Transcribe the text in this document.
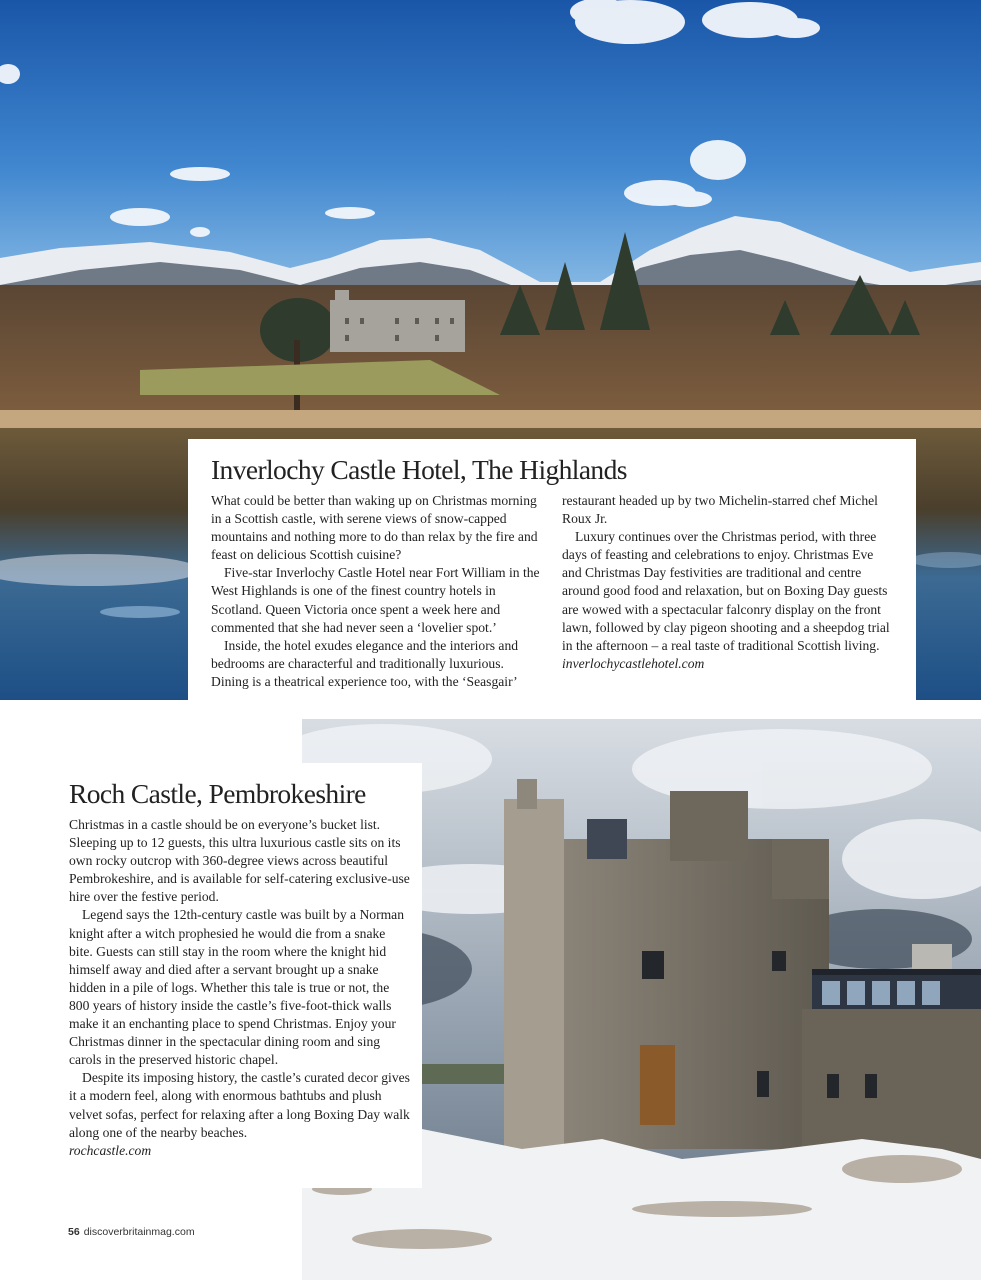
Inverlochy Castle Hotel, The Highlands

What could be better than waking up on Christmas morning in a Scottish castle, with serene views of snow-capped mountains and nothing more to do than relax by the fire and feast on delicious Scottish cuisine?

Five-star Inverlochy Castle Hotel near Fort William in the West Highlands is one of the finest country hotels in Scotland. Queen Victoria once spent a week here and commented that she had never seen a ‘lovelier spot.’

Inside, the hotel exudes elegance and the interiors and bedrooms are characterful and traditionally luxurious. Dining is a theatrical experience too, with the ‘Seasgair’

restaurant headed up by two Michelin-starred chef Michel Roux Jr.

Luxury continues over the Christmas period, with three days of feasting and celebrations to enjoy. Christmas Eve and Christmas Day festivities are traditional and centre around good food and relaxation, but on Boxing Day guests are wowed with a spectacular falconry display on the front lawn, followed by clay pigeon shooting and a sheepdog trial in the afternoon – a real taste of traditional Scottish living.

inverlochycastlehotel.com

Roch Castle, Pembrokeshire

Christmas in a castle should be on everyone’s bucket list. Sleeping up to 12 guests, this ultra luxurious castle sits on its own rocky outcrop with 360-degree views across beautiful Pembrokeshire, and is available for self-catering exclusive-use hire over the festive period.

Legend says the 12th-century castle was built by a Norman knight after a witch prophesied he would die from a snake bite. Guests can still stay in the room where the knight hid himself away and died after a servant brought up a snake hidden in a pile of logs. Whether this tale is true or not, the 800 years of history inside the castle’s five-foot-thick walls make it an enchanting place to spend Christmas. Enjoy your Christmas dinner in the spectacular dining room and sing carols in the preserved historic chapel.

Despite its imposing history, the castle’s curated decor gives it a modern feel, along with enormous bathtubs and plush velvet sofas, perfect for relaxing after a long Boxing Day walk along one of the nearby beaches.

rochcastle.com

56 discoverbritainmag.com
